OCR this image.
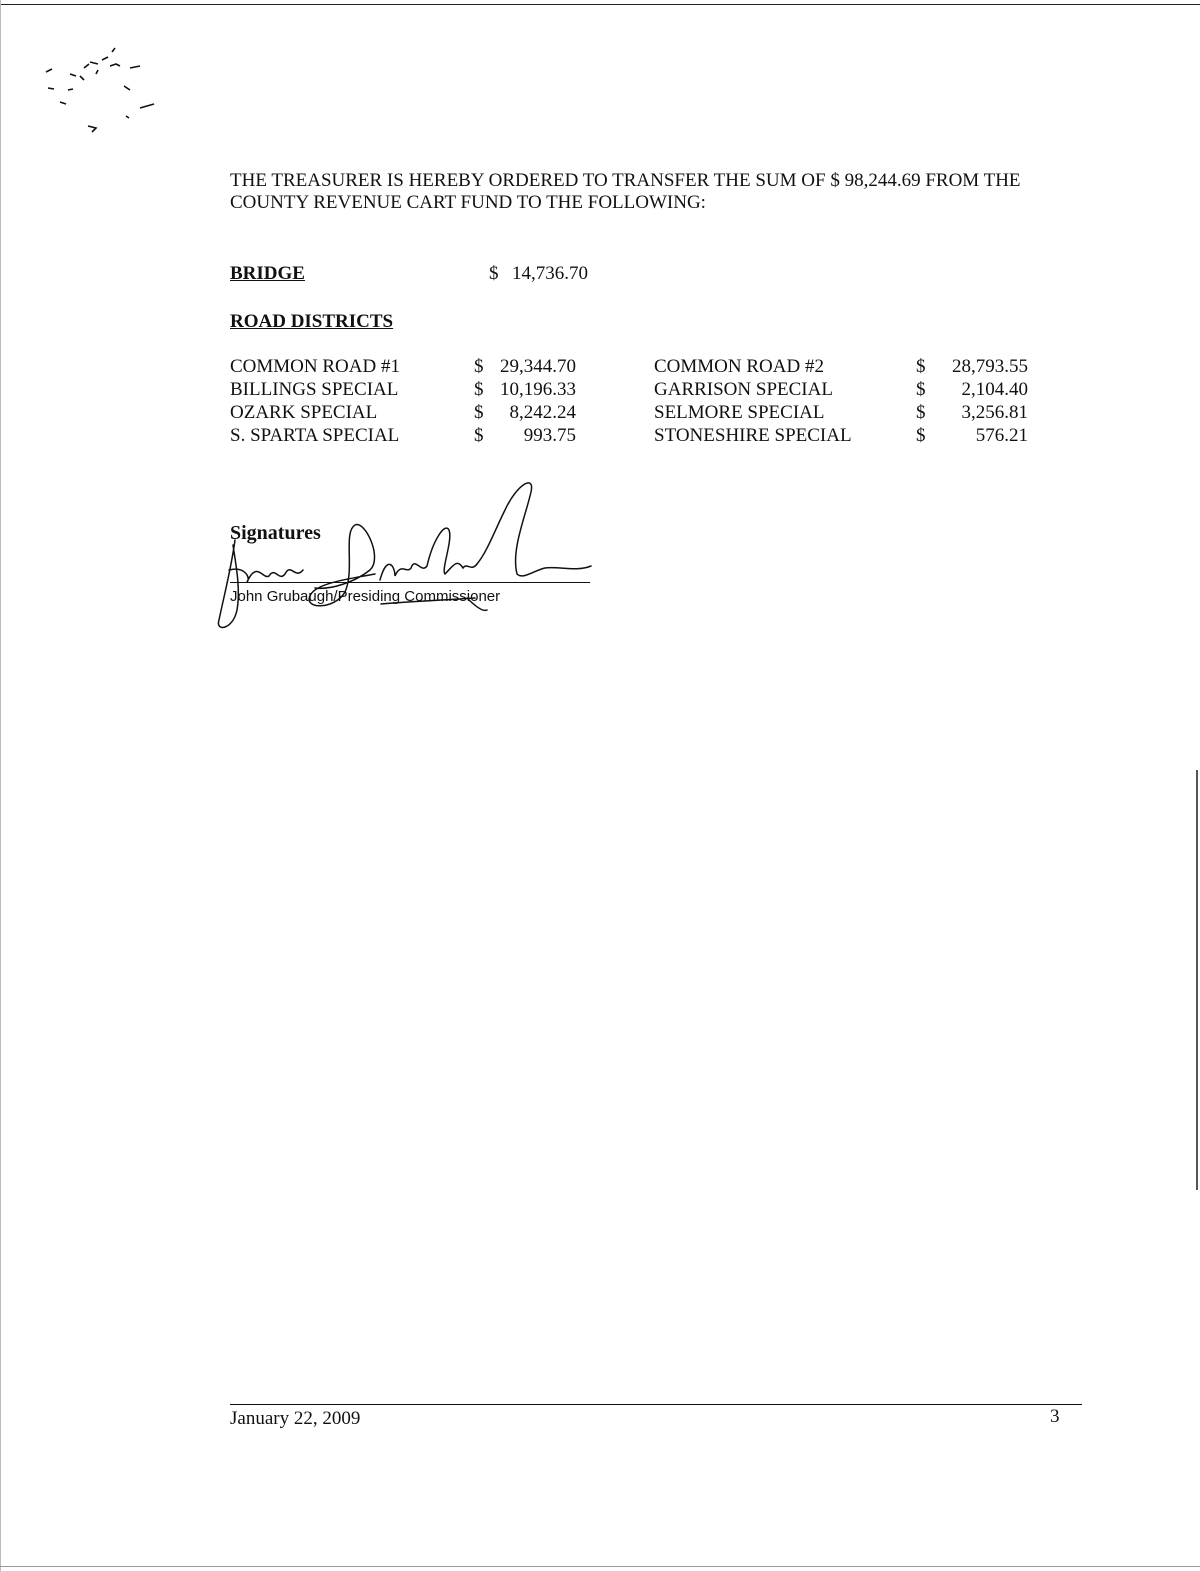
THE TREASURER IS HEREBY ORDERED TO TRANSFER THE SUM OF $ 98,244.69 FROM THE
COUNTY REVENUE CART FUND TO THE FOLLOWING:
BRIDGE	$ 14,736.70
ROAD DISTRICTS
COMMON ROAD #1	$ 29,344.70
BILLINGS SPECIAL	$ 10,196.33
OZARK SPECIAL	$	8,242.24
S. SPARTA SPECIAL	$	993.75
COMMON ROAD #2	$	28,793.55
GARRISON SPECIAL	$	2,104.40
SELMORE SPECIAL	$	3,256.81
STONESHIRE SPECIAL	$	576.21
Signatures
John Grubaugh/Presiding Commissioner
January 22, 2009	3
